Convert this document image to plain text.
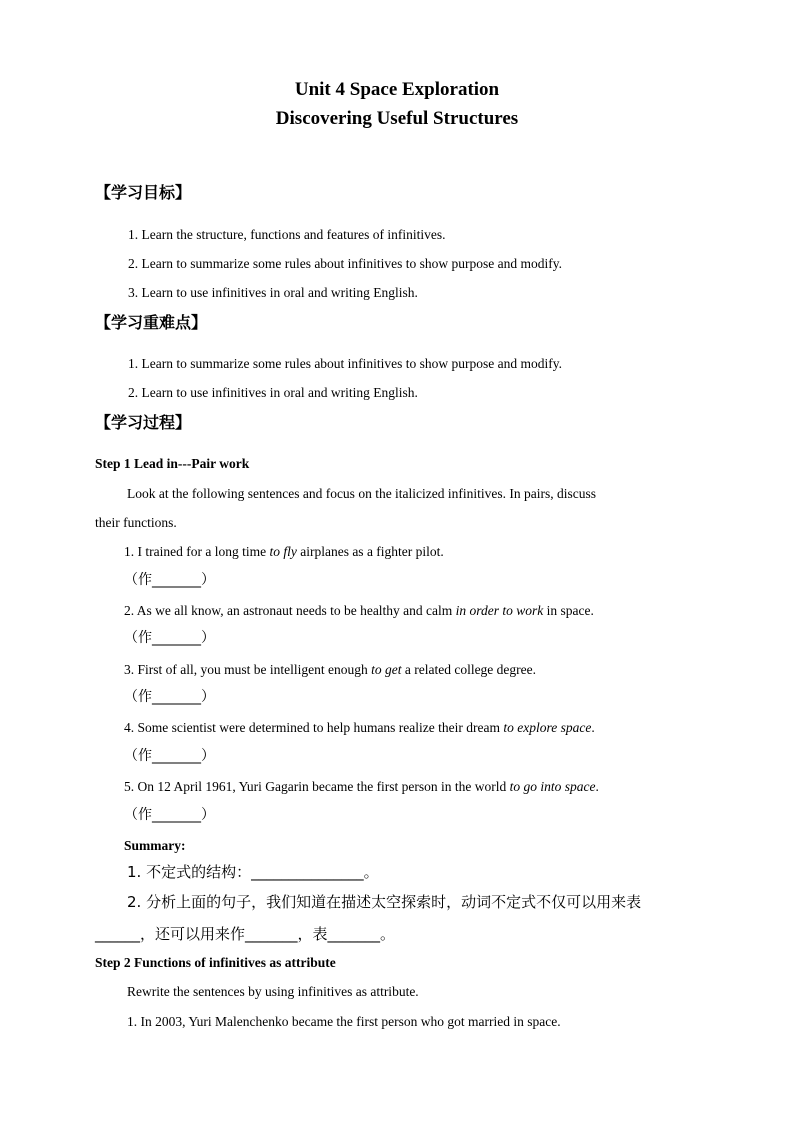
Unit 4 Space Exploration
Discovering Useful Structures
【学习目标】
1. Learn the structure, functions and features of infinitives.
2. Learn to summarize some rules about infinitives to show purpose and modify.
3. Learn to use infinitives in oral and writing English.
【学习重难点】
1. Learn to summarize some rules about infinitives to show purpose and modify.
2. Learn to use infinitives in oral and writing English.
【学习过程】
Step 1 Lead in---Pair work
Look at the following sentences and focus on the italicized infinitives. In pairs, discuss
their functions.
1. I trained for a long time to fly airplanes as a fighter pilot.
（作_______）
2. As we all know, an astronaut needs to be healthy and calm in order to work in space.
（作_______）
3. First of all, you must be intelligent enough to get a related college degree.
（作_______）
4. Some scientist were determined to help humans realize their dream to explore space.
（作_______）
5. On 12 April 1961, Yuri Gagarin became the first person in the world to go into space.
（作_______）
Summary:
1. 不定式的结构：_______________。
2. 分析上面的句子，我们知道在描述太空探索时，动词不定式不仅可以用来表
______，还可以用来作_______，表_______。
Step 2 Functions of infinitives as attribute
Rewrite the sentences by using infinitives as attribute.
1. In 2003, Yuri Malenchenko became the first person who got married in space.
